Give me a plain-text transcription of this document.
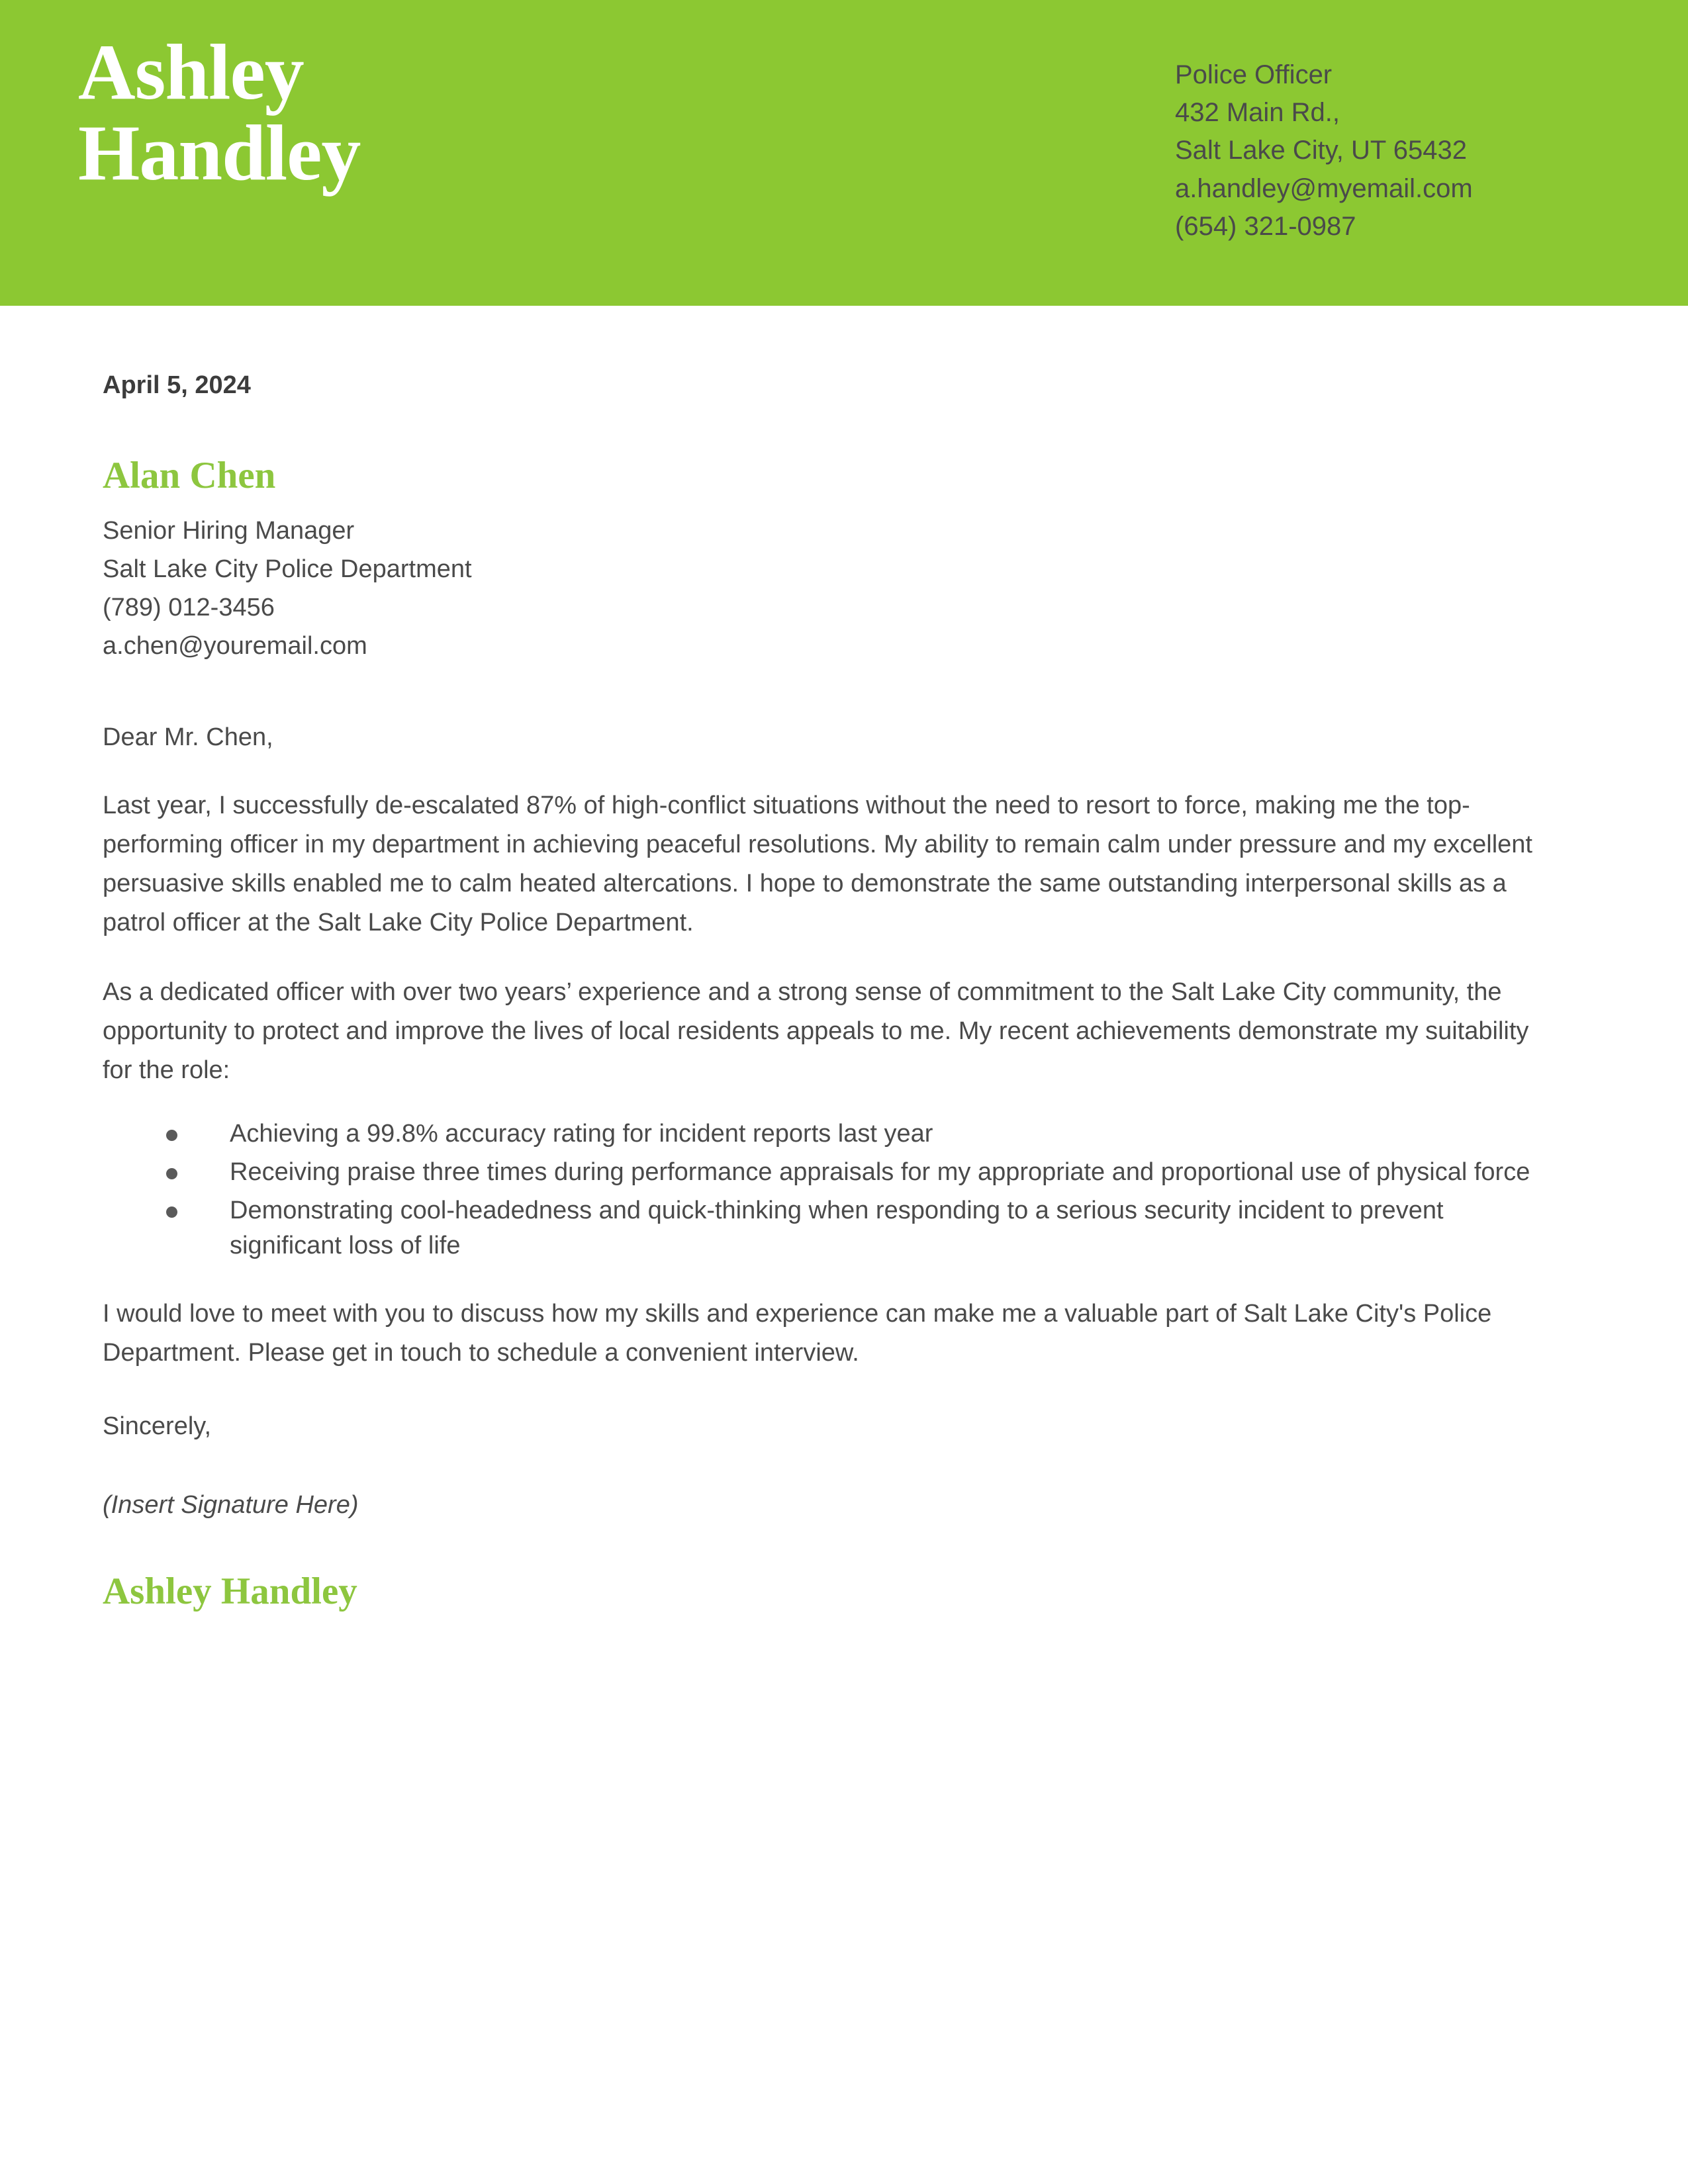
Ashley
Handley
Police Officer
432 Main Rd.,
Salt Lake City, UT 65432
a.handley@myemail.com
(654) 321-0987
April 5, 2024
Alan Chen
Senior Hiring Manager
Salt Lake City Police Department
(789) 012-3456
a.chen@youremail.com

Dear Mr. Chen,

Last year, I successfully de-escalated 87% of high-conflict situations without the need to resort to force, making me the top-performing officer in my department in achieving peaceful resolutions. My ability to remain calm under pressure and my excellent persuasive skills enabled me to calm heated altercations. I hope to demonstrate the same outstanding interpersonal skills as a patrol officer at the Salt Lake City Police Department.

As a dedicated officer with over two years’ experience and a strong sense of commitment to the Salt Lake City community, the opportunity to protect and improve the lives of local residents appeals to me. My recent achievements demonstrate my suitability for the role:

Achieving a 99.8% accuracy rating for incident reports last year
Receiving praise three times during performance appraisals for my appropriate and proportional use of physical force
Demonstrating cool-headedness and quick-thinking when responding to a serious security incident to prevent significant loss of life

I would love to meet with you to discuss how my skills and experience can make me a valuable part of Salt Lake City's Police Department. Please get in touch to schedule a convenient interview.

Sincerely,

(Insert Signature Here)

Ashley Handley
